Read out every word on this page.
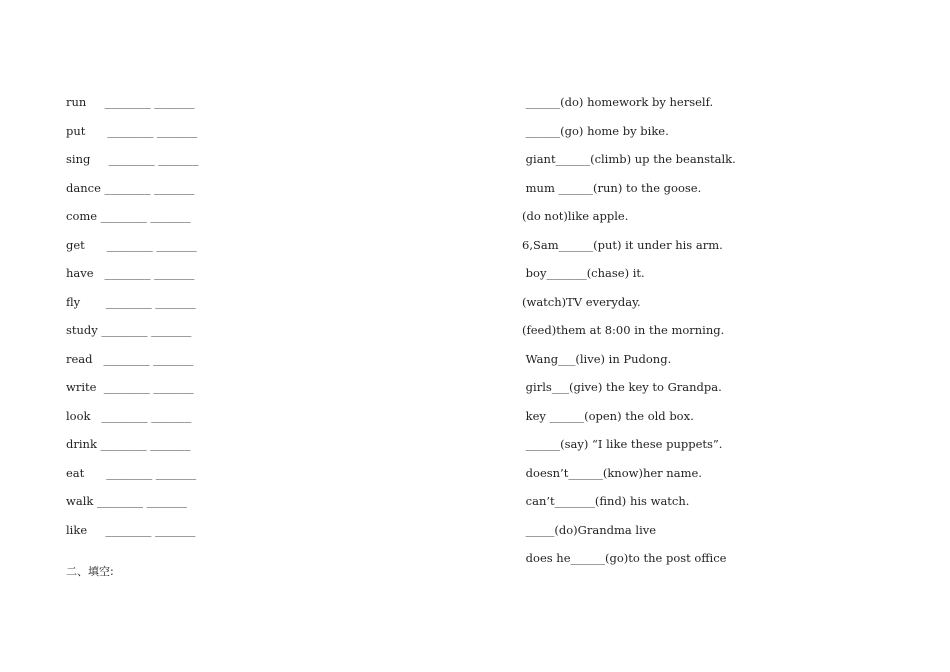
run     ________ _______
put      ________ _______
sing     ________ _______
dance ________ _______
come ________ _______
get      ________ _______
have   ________ _______
fly       ________ _______
study ________ _______
read   ________ _______
write  ________ _______
look   ________ _______
drink ________ _______
eat      ________ _______
walk ________ _______
like     ________ _______
二、填空:
______(do) homework by herself.
______(go) home by bike.
giant______(climb) up the beanstalk.
mum ______(run) to the goose.
(do not)like apple.
6,Sam______(put) it under his arm.
boy_______(chase) it.
(watch)TV everyday.
(feed)them at 8:00 in the morning.
Wang___(live) in Pudong.
girls___(give) the key to Grandpa.
key ______(open) the old box.
______(say) “I like these puppets”.
doesn’t______(know)her name.
can’t_______(find) his watch.
_____(do)Grandma live
does he______(go)to the post office
